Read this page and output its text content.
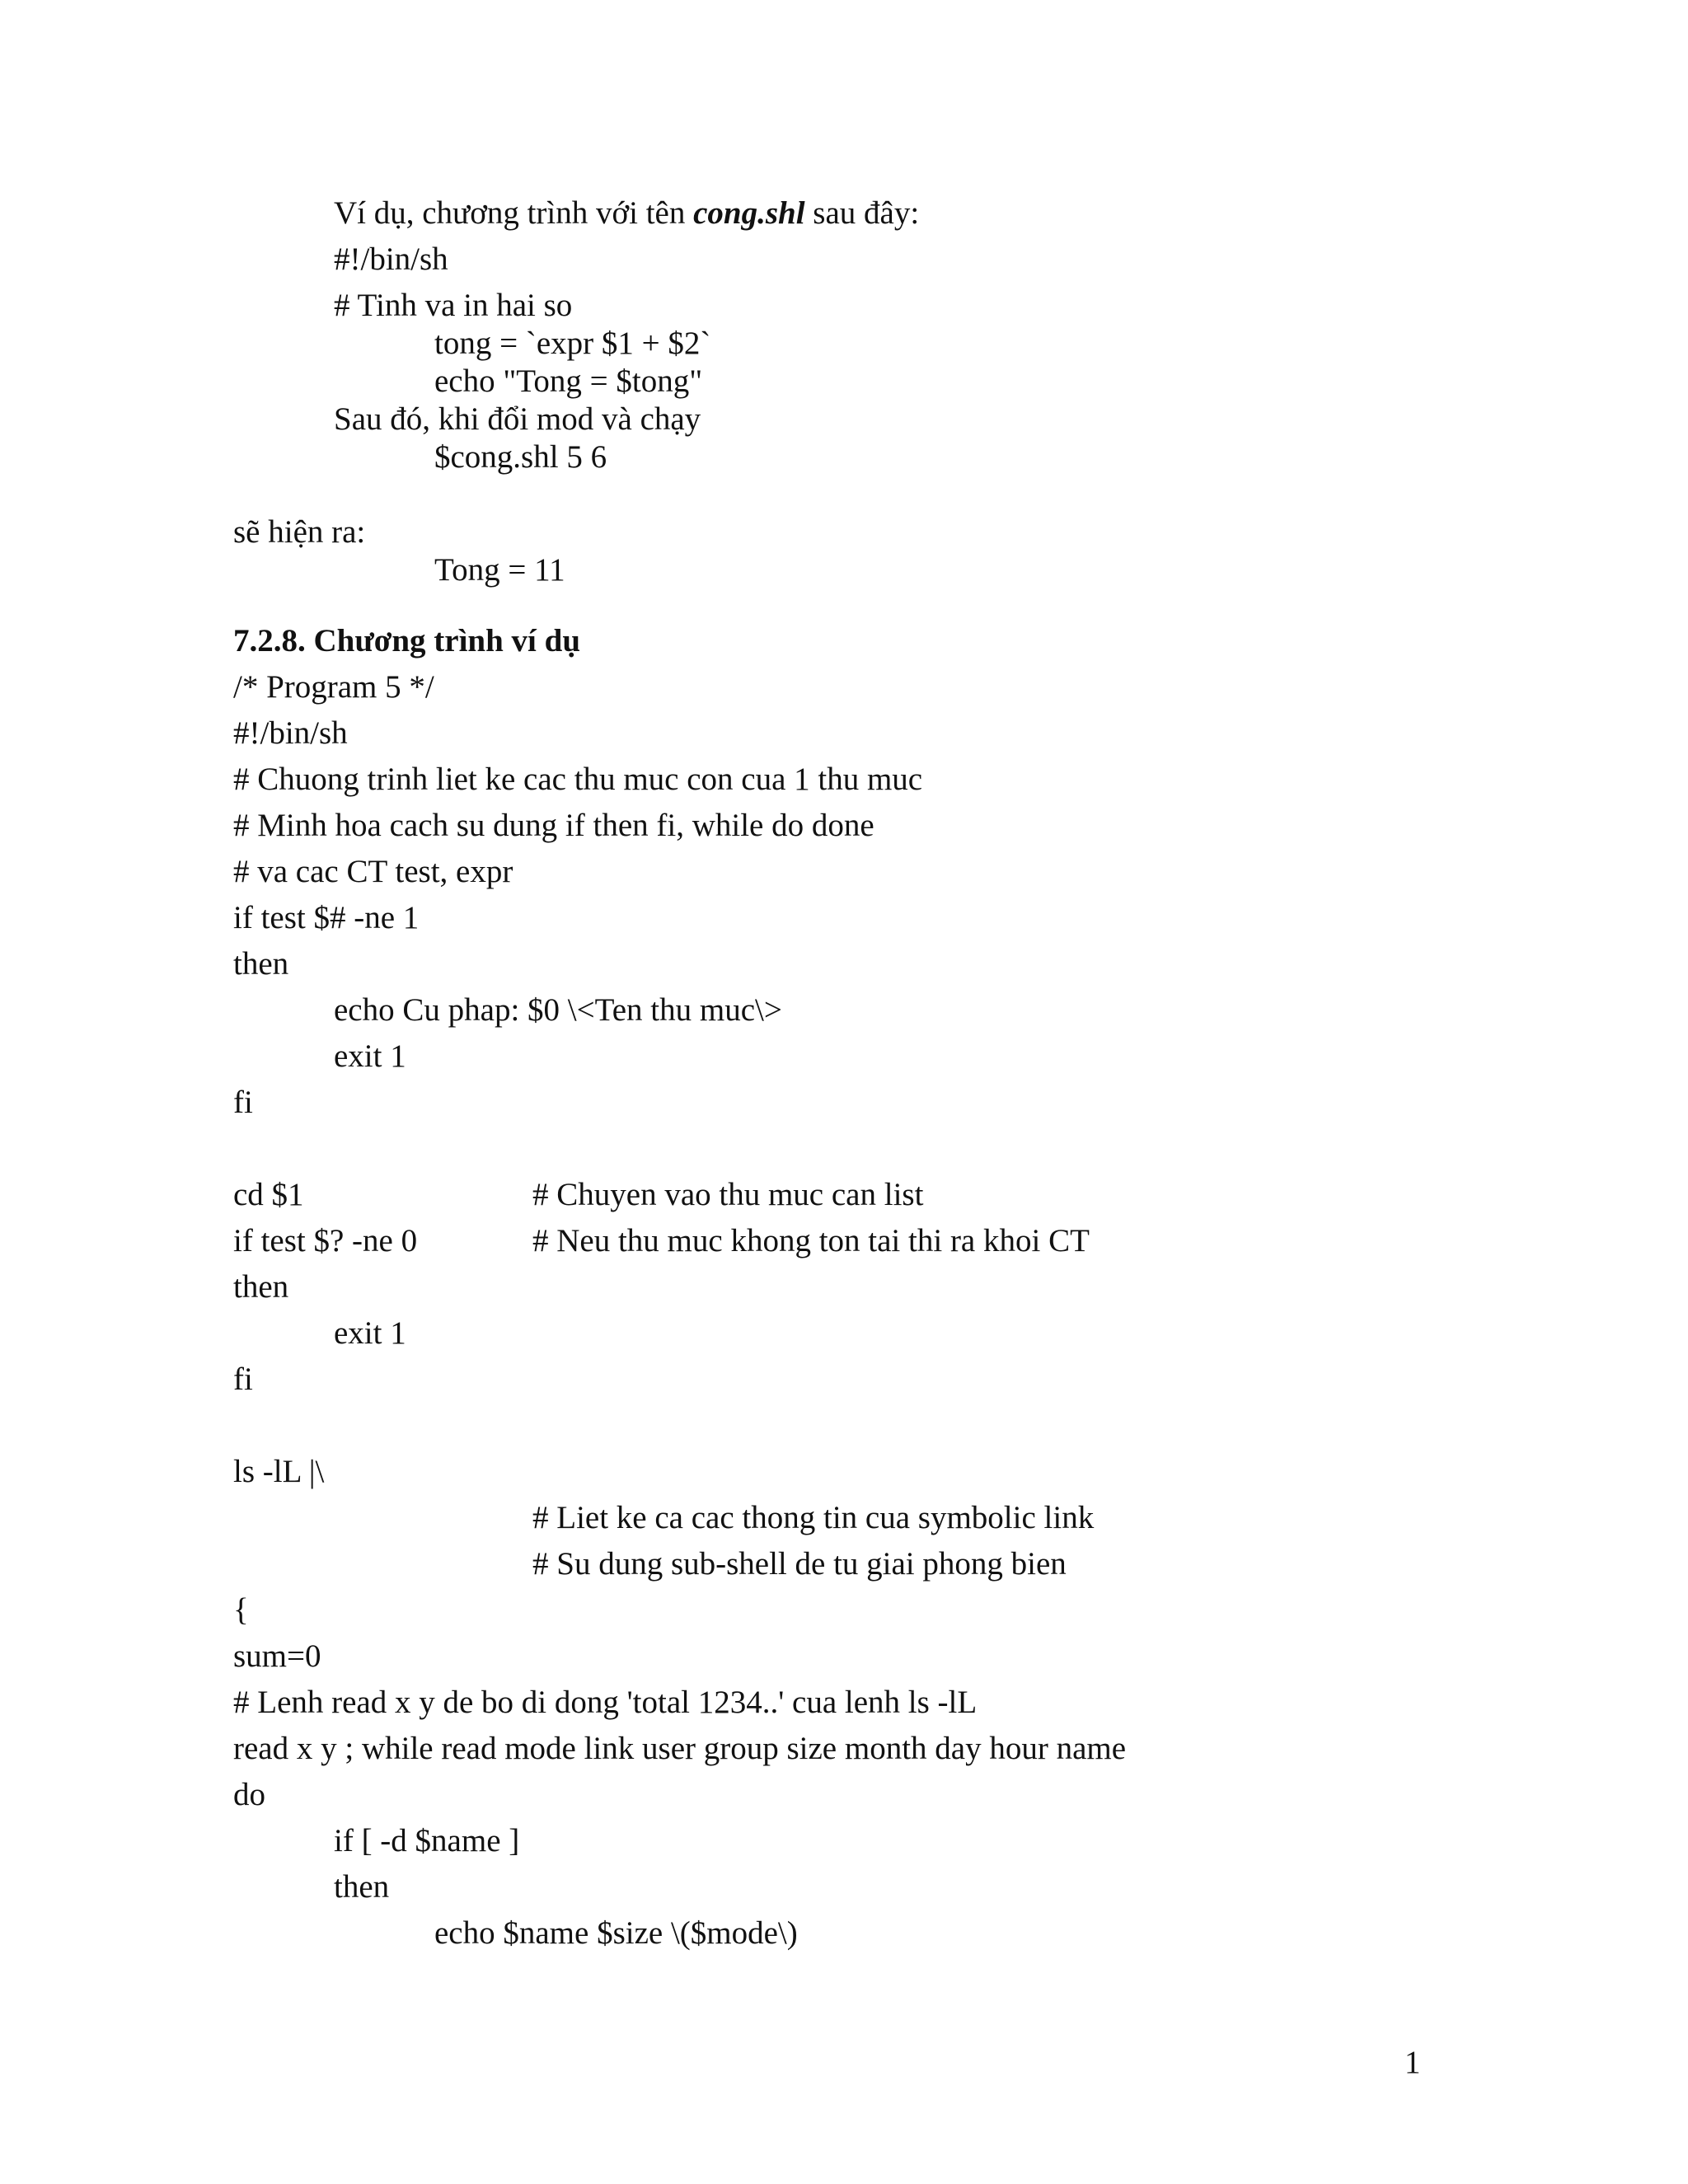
Ví dụ, chương trình với tên cong.shl sau đây:

#!/bin/sh

# Tinh va in hai so

tong = `expr $1 + $2`

echo "Tong = $tong"

Sau đó, khi đổi mod và chạy

$cong.shl 5 6

sẽ hiện ra:

Tong = 11

7.2.8. Chương trình ví dụ

/* Program 5 */

#!/bin/sh

# Chuong trinh liet ke cac thu muc con cua 1 thu muc

# Minh hoa cach su dung if then fi, while do done

# va cac CT test, expr

if test $# -ne 1

then

echo Cu phap: $0 \<Ten thu muc\>

exit 1

fi

cd $1	# Chuyen vao thu muc can list

if test $? -ne 0	# Neu thu muc khong ton tai thi ra khoi CT

then

exit 1

fi

ls -lL |\

# Liet ke ca cac thong tin cua symbolic link

# Su dung sub-shell de tu giai phong bien

{

sum=0

# Lenh read x y de bo di dong 'total 1234..' cua lenh ls -lL

read x y ; while read mode link user group size month day hour name

do

if [ -d $name ]

then

echo $name $size \($mode\)

1
